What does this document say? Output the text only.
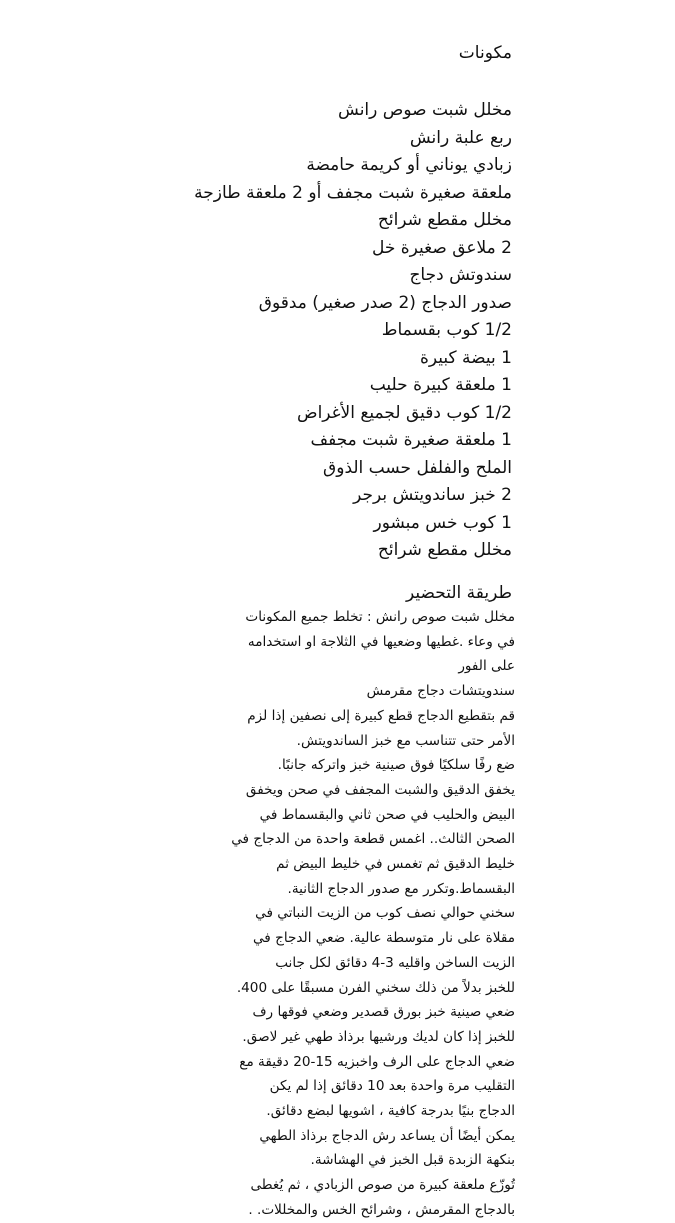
مكونات
مخلل شبت صوص رانش
ربع علبة رانش
زبادي يوناني أو كريمة حامضة
ملعقة صغيرة شبت مجفف أو 2 ملعقة طازجة
مخلل مقطع شرائح
2 ملاعق صغيرة خل
سندوتش دجاج
صدور الدجاج (2 صدر صغير) مدقوق
1/2 كوب بقسماط
1 بيضة كبيرة
1 ملعقة كبيرة حليب
1/2 كوب دقيق لجميع الأغراض
1 ملعقة صغيرة شبت مجفف
الملح والفلفل حسب الذوق
2 خبز ساندويتش برجر
1 كوب خس مبشور
مخلل مقطع شرائح
طريقة التحضير

مخلل شبت صوص رانش : تخلط جميع المكونات

في وعاء .غطيها وضعيها في الثلاجة او استخدامه

على الفور

سندويتشات دجاج مقرمش

قم بتقطيع الدجاج قطع كبيرة إلى نصفين إذا لزم

الأمر حتى تتناسب مع خبز الساندويتش.

ضع رفًا سلكيًا فوق صينية خبز واتركه جانبًا.

يخفق الدقيق والشبت المجفف في صحن ويخفق

البيض والحليب في صحن ثاني والبقسماط في

الصحن الثالث.. اغمس قطعة واحدة من الدجاج في

خليط الدقيق ثم تغمس في خليط البيض ثم

البقسماط.وتكرر مع صدور الدجاج الثانية.

سخني حوالي نصف كوب من الزيت النباتي في

مقلاة على نار متوسطة عالية. ضعي الدجاج في

الزيت الساخن واقليه 3-4 دقائق لكل جانب

للخبز بدلاً من ذلك سخني الفرن مسبقًا على 400.

ضعي صينية خبز بورق قصدير وضعي فوقها رف

للخبز إذا كان لديك ورشيها برذاذ طهي غير لاصق.

ضعي الدجاج على الرف واخبزيه 15-20 دقيقة مع

التقليب مرة واحدة بعد 10 دقائق إذا لم يكن

الدجاج بنيًا بدرجة كافية ، اشويها لبضع دقائق.

يمكن أيضًا أن يساعد رش الدجاج برذاذ الطهي

بنكهة الزبدة قبل الخبز في الهشاشة.

تُوزّع ملعقة كبيرة من صوص الزبادي ، ثم يُغطى

بالدجاج المقرمش ، وشرائح الخس والمخللات. .
